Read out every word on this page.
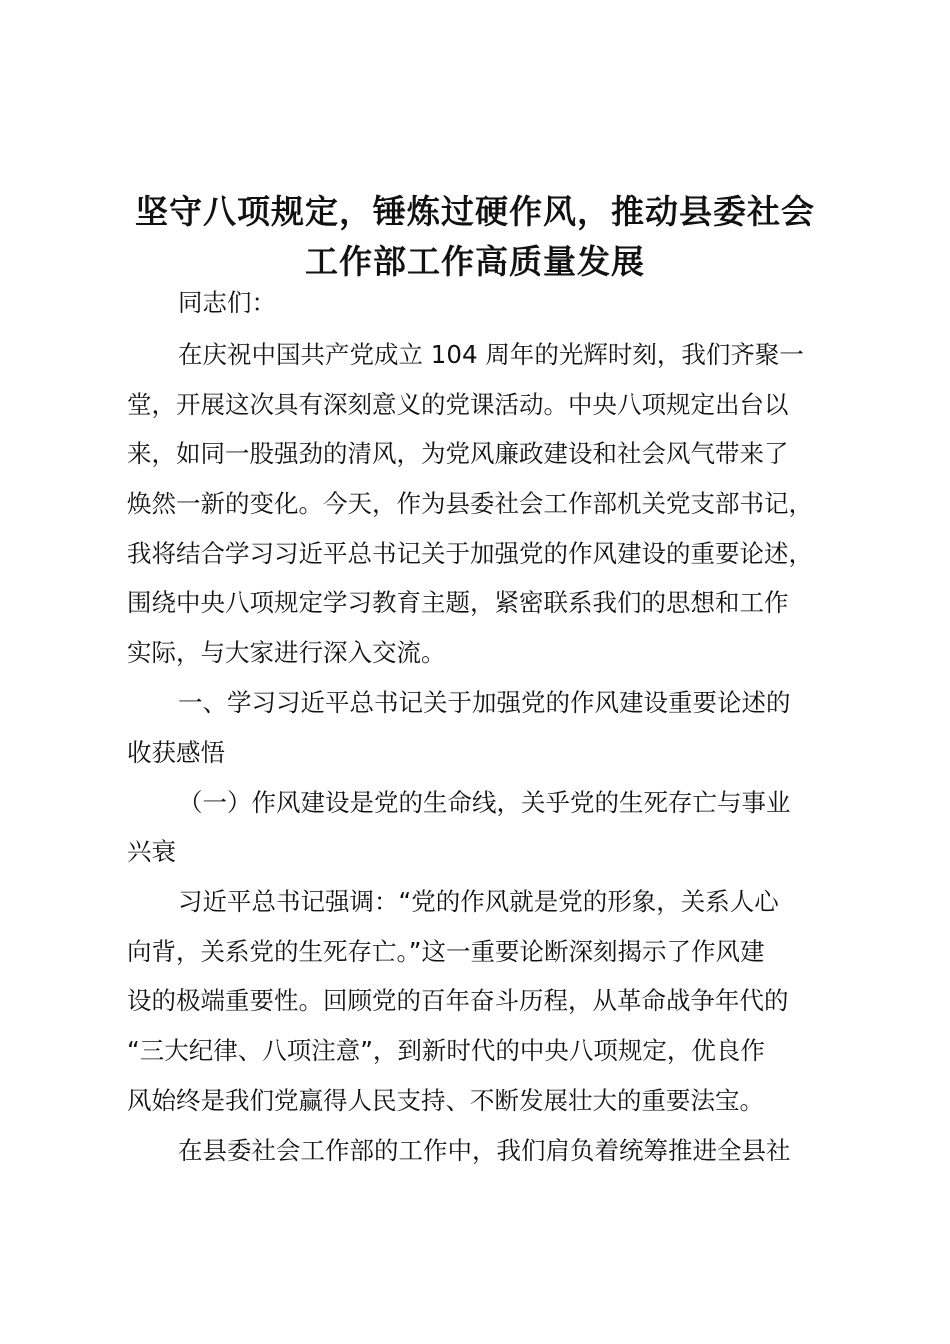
坚守八项规定，锤炼过硬作风，推动县委社会
工作部工作高质量发展
同志们：
在庆祝中国共产党成立 104 周年的光辉时刻，我们齐聚一
堂，开展这次具有深刻意义的党课活动。中央八项规定出台以
来，如同一股强劲的清风，为党风廉政建设和社会风气带来了
焕然一新的变化。今天，作为县委社会工作部机关党支部书记，
我将结合学习习近平总书记关于加强党的作风建设的重要论述，
围绕中央八项规定学习教育主题，紧密联系我们的思想和工作
实际，与大家进行深入交流。
一、学习习近平总书记关于加强党的作风建设重要论述的
收获感悟
（一）作风建设是党的生命线，关乎党的生死存亡与事业
兴衰
习近平总书记强调：“党的作风就是党的形象，关系人心
向背，关系党的生死存亡。”这一重要论断深刻揭示了作风建
设的极端重要性。回顾党的百年奋斗历程，从革命战争年代的
“三大纪律、八项注意”，到新时代的中央八项规定，优良作
风始终是我们党赢得人民支持、不断发展壮大的重要法宝。
在县委社会工作部的工作中，我们肩负着统筹推进全县社
